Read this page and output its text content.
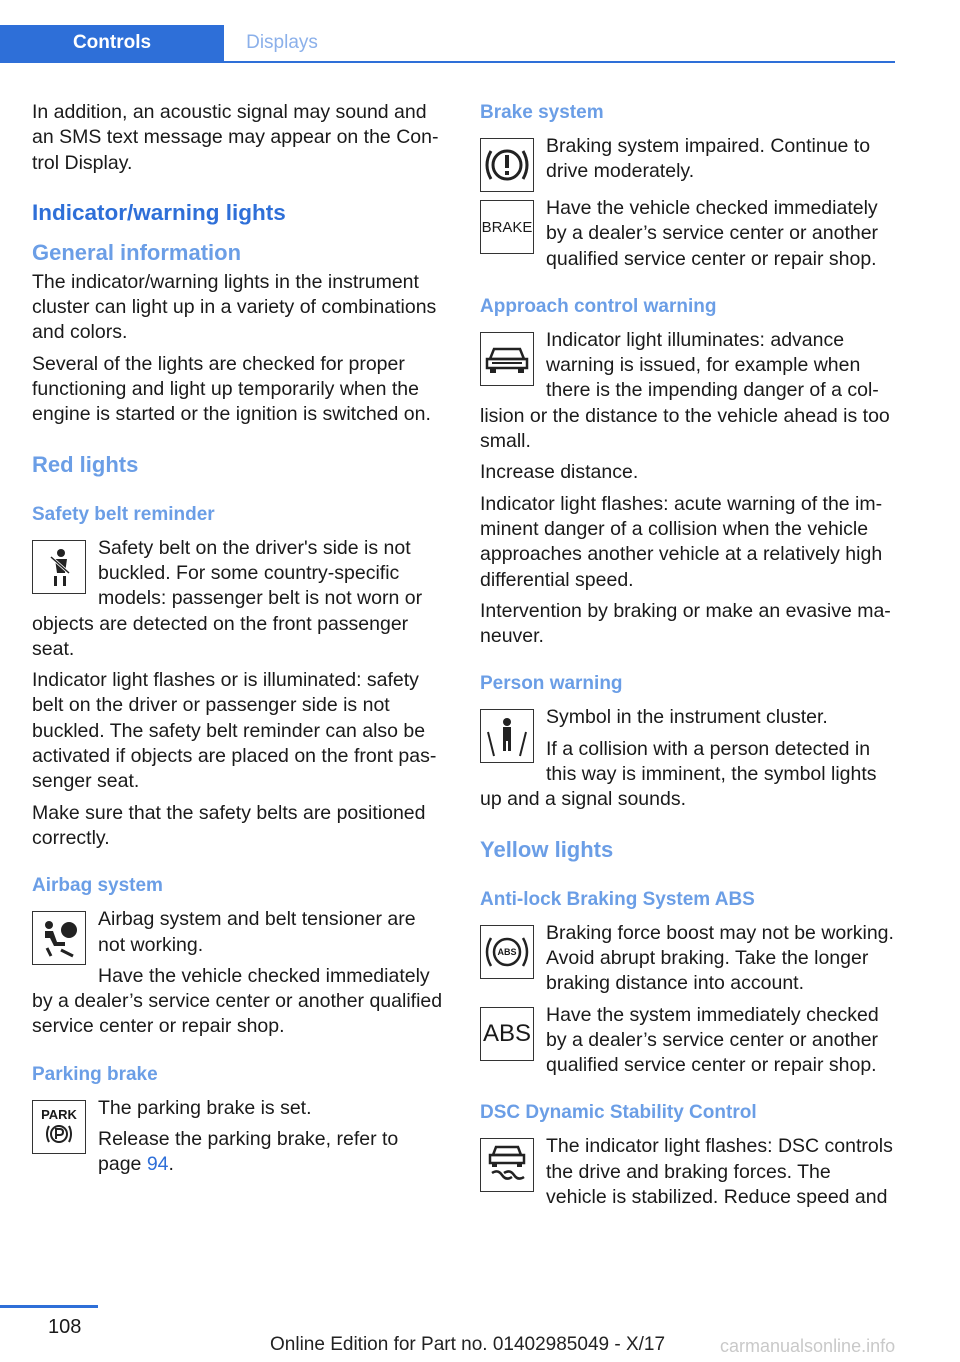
Controls	Displays

In addition, an acoustic signal may sound and an SMS text message may appear on the Control Display.

Indicator/warning lights
General information

The indicator/warning lights in the instrument cluster can light up in a variety of combinations and colors.

Several of the lights are checked for proper functioning and light up temporarily when the engine is started or the ignition is switched on.

Red lights
Safety belt reminder

Safety belt on the driver's side is not buckled. For some country-specific models: passenger belt is not worn or objects are detected on the front passenger seat.

Indicator light flashes or is illuminated: safety belt on the driver or passenger side is not buckled. The safety belt reminder can also be activated if objects are placed on the front passenger seat.

Make sure that the safety belts are positioned correctly.

Airbag system

Airbag system and belt tensioner are not working.

Have the vehicle checked immediately by a dealer’s service center or another qualified service center or repair shop.

Parking brake
PARK	The parking brake is set.

Release the parking brake, refer to page 94.

Brake system

Braking system impaired. Continue to drive moderately.

BRAKE

Have the vehicle checked immediately by a dealer’s service center or another qualified service center or repair shop.

Approach control warning

Indicator light illuminates: advance warning is issued, for example when there is the impending danger of a collision or the distance to the vehicle ahead is too small.

Increase distance.

Indicator light flashes: acute warning of the imminent danger of a collision when the vehicle approaches another vehicle at a relatively high differential speed.

Intervention by braking or make an evasive maneuver.

Person warning

Symbol in the instrument cluster.

If a collision with a person detected in this way is imminent, the symbol lights up and a signal sounds.

Yellow lights
Anti-lock Braking System ABS
ABS

Braking force boost may not be working. Avoid abrupt braking. Take the longer braking distance into account.

ABS

Have the system immediately checked by a dealer’s service center or another qualified service center or repair shop.

DSC Dynamic Stability Control

The indicator light flashes: DSC controls the drive and braking forces. The vehicle is stabilized. Reduce speed and

108
Online Edition for Part no. 01402985049 - X/17	carmanualsonline.info
